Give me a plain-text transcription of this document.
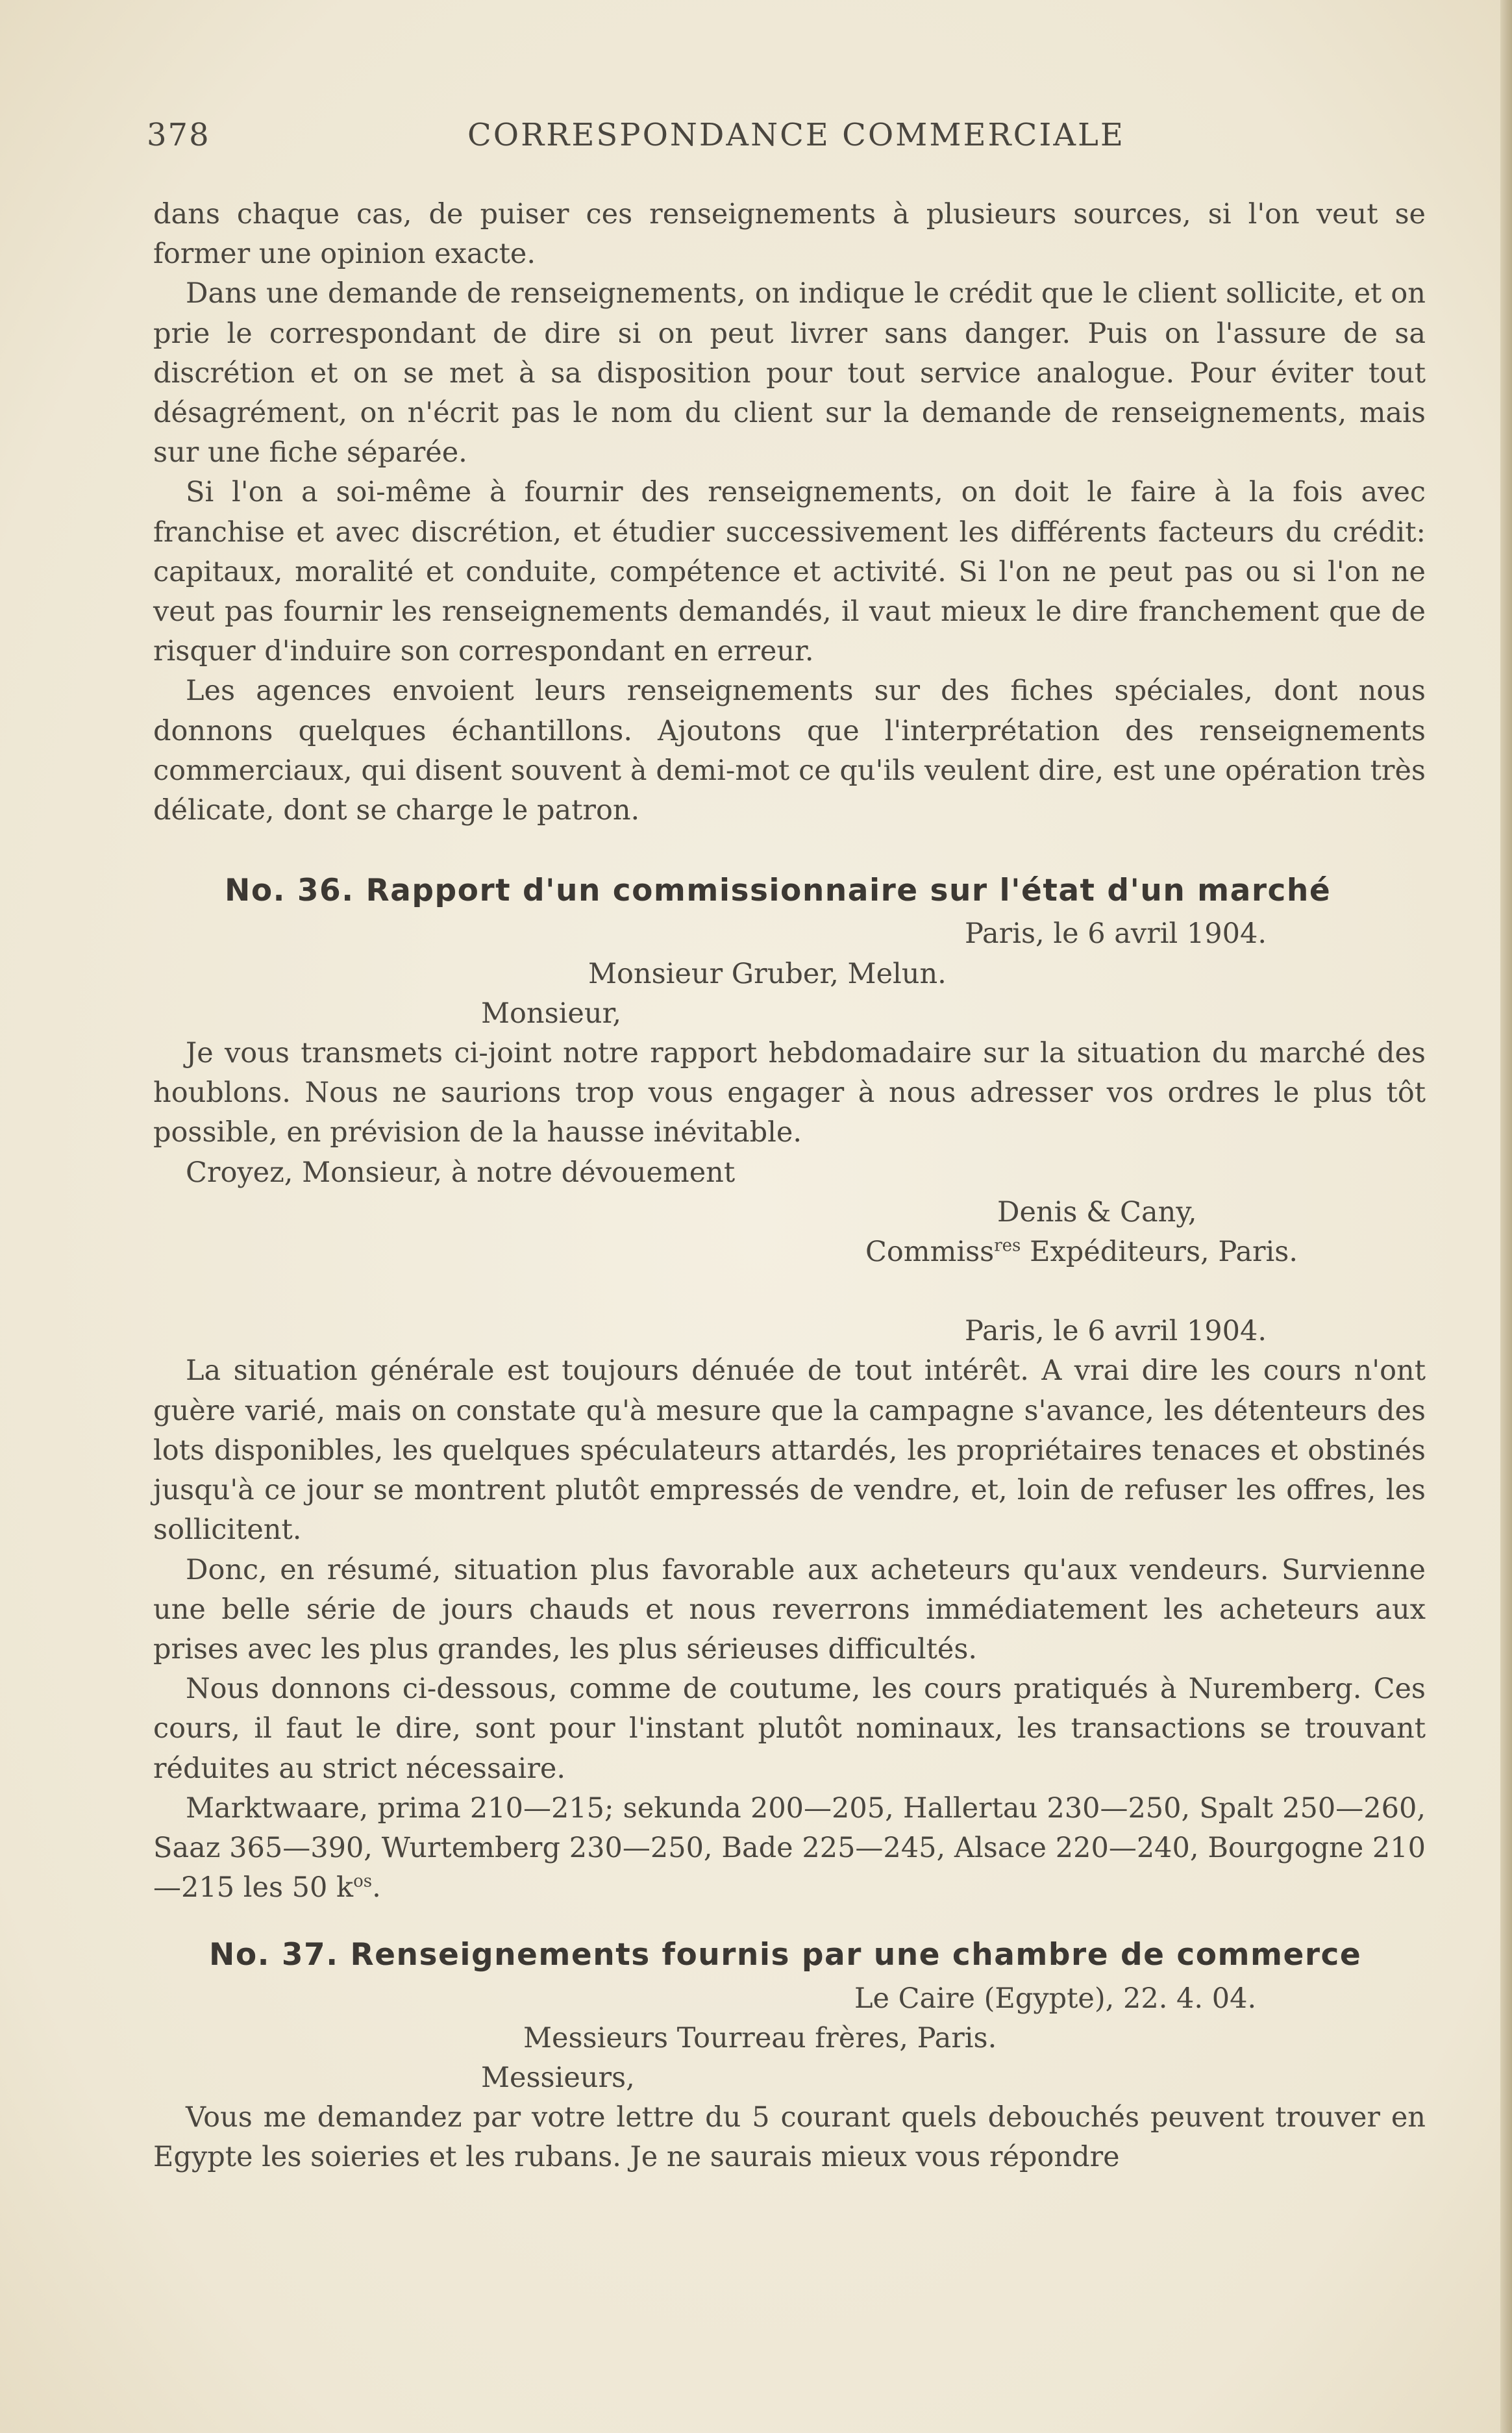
378	CORRESPONDANCE COMMERCIALE

dans chaque cas, de puiser ces renseignements à plusieurs sources, si l'on veut se former une opinion exacte.

Dans une demande de renseignements, on indique le crédit que le client sollicite, et on prie le correspondant de dire si on peut livrer sans danger. Puis on l'assure de sa discrétion et on se met à sa disposition pour tout service analogue. Pour éviter tout désagrément, on n'écrit pas le nom du client sur la demande de renseignements, mais sur une fiche séparée.

Si l'on a soi-même à fournir des renseignements, on doit le faire à la fois avec franchise et avec discrétion, et étudier successivement les différents facteurs du crédit: capitaux, moralité et conduite, compétence et activité. Si l'on ne peut pas ou si l'on ne veut pas fournir les renseignements demandés, il vaut mieux le dire franchement que de risquer d'induire son correspondant en erreur.

Les agences envoient leurs renseignements sur des fiches spéciales, dont nous donnons quelques échantillons. Ajoutons que l'interprétation des renseignements commerciaux, qui disent souvent à demi-mot ce qu'ils veulent dire, est une opération très délicate, dont se charge le patron.

No. 36. Rapport d'un commissionnaire sur l'état d'un marché

Paris, le 6 avril 1904.

Monsieur Gruber, Melun.

Monsieur,

Je vous transmets ci-joint notre rapport hebdomadaire sur la situation du marché des houblons. Nous ne saurions trop vous engager à nous adresser vos ordres le plus tôt possible, en prévision de la hausse inévitable.

Croyez, Monsieur, à notre dévouement

Denis & Cany,

Commiss$^{res}$ Expéditeurs, Paris.

Paris, le 6 avril 1904.

La situation générale est toujours dénuée de tout intérêt. A vrai dire les cours n'ont guère varié, mais on constate qu'à mesure que la campagne s'avance, les détenteurs des lots disponibles, les quelques spéculateurs attardés, les propriétaires tenaces et obstinés jusqu'à ce jour se montrent plutôt empressés de vendre, et, loin de refuser les offres, les sollicitent.

Donc, en résumé, situation plus favorable aux acheteurs qu'aux vendeurs. Survienne une belle série de jours chauds et nous reverrons immédiatement les acheteurs aux prises avec les plus grandes, les plus sérieuses difficultés.

Nous donnons ci-dessous, comme de coutume, les cours pratiqués à Nuremberg. Ces cours, il faut le dire, sont pour l'instant plutôt nominaux, les transactions se trouvant réduites au strict nécessaire.

Marktwaare, prima 210—215; sekunda 200—205, Hallertau 230—250, Spalt 250—260, Saaz 365—390, Wurtemberg 230—250, Bade 225—245, Alsace 220—240, Bourgogne 210—215 les 50 $k^{os}$.

No. 37. Renseignements fournis par une chambre de commerce

Le Caire (Egypte), 22. 4. 04.

Messieurs Tourreau frères, Paris.

Messieurs,

Vous me demandez par votre lettre du 5 courant quels debouchés peuvent trouver en Egypte les soieries et les rubans. Je ne saurais mieux vous répondre
